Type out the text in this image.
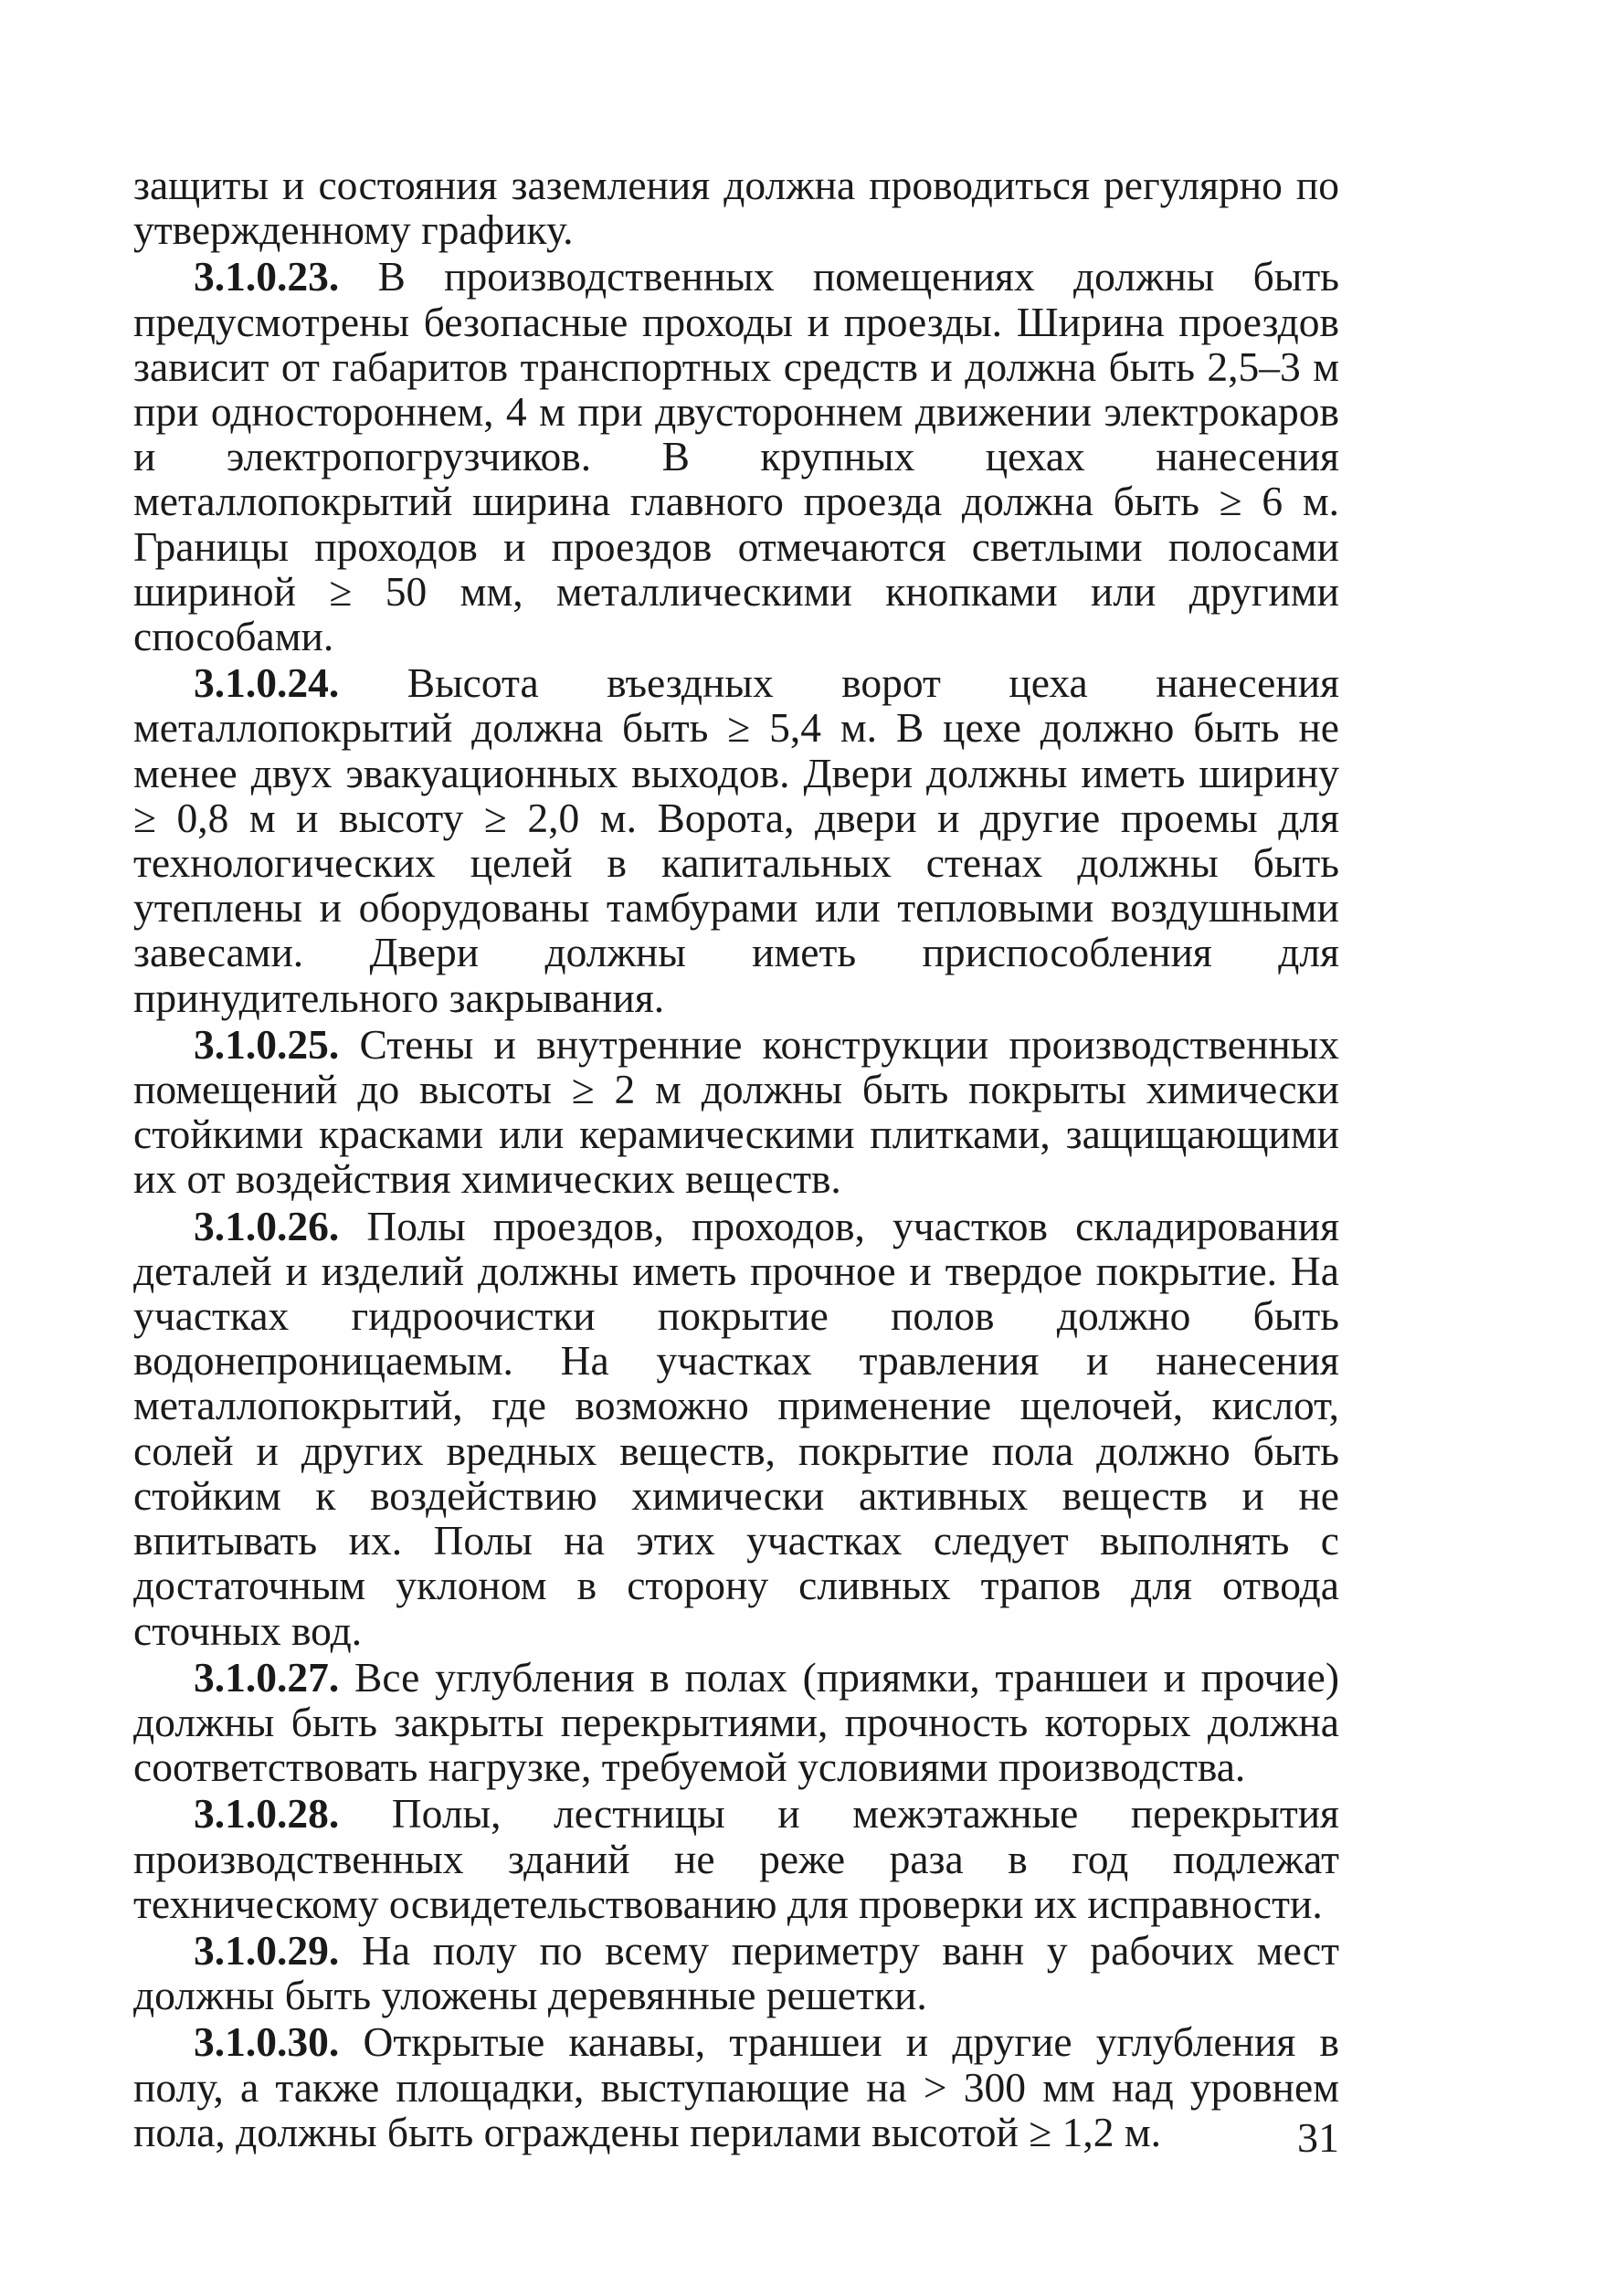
защиты и состояния заземления должна проводиться регулярно по утвержденному графику.

3.1.0.23. В производственных помещениях должны быть предусмотрены безопасные проходы и проезды. Ширина проездов зависит от габаритов транспортных средств и должна быть 2,5–3 м при одностороннем, 4 м при двустороннем движении электрокаров и электропогрузчиков. В крупных цехах нанесения металлопокрытий ширина главного проезда должна быть ≥ 6 м. Границы проходов и проездов отмечаются светлыми полосами шириной ≥ 50 мм, металлическими кнопками или другими способами.

3.1.0.24. Высота въездных ворот цеха нанесения металлопокрытий должна быть ≥ 5,4 м. В цехе должно быть не менее двух эвакуационных выходов. Двери должны иметь ширину ≥ 0,8 м и высоту ≥ 2,0 м. Ворота, двери и другие проемы для технологических целей в капитальных стенах должны быть утеплены и оборудованы тамбурами или тепловыми воздушными завесами. Двери должны иметь приспособления для принудительного закрывания.

3.1.0.25. Стены и внутренние конструкции производственных помещений до высоты ≥ 2 м должны быть покрыты химически стойкими красками или керамическими плитками, защищающими их от воздействия химических веществ.

3.1.0.26. Полы проездов, проходов, участков складирования деталей и изделий должны иметь прочное и твердое покрытие. На участках гидроочистки покрытие полов должно быть водонепроницаемым. На участках травления и нанесения металлопокрытий, где возможно применение щелочей, кислот, солей и других вредных веществ, покрытие пола должно быть стойким к воздействию химически активных веществ и не впитывать их. Полы на этих участках следует выполнять с достаточным уклоном в сторону сливных трапов для отвода сточных вод.

3.1.0.27. Все углубления в полах (приямки, траншеи и прочие) должны быть закрыты перекрытиями, прочность которых должна соответствовать нагрузке, требуемой условиями производства.

3.1.0.28. Полы, лестницы и межэтажные перекрытия производственных зданий не реже раза в год подлежат техническому освидетельствованию для проверки их исправности.

3.1.0.29. На полу по всему периметру ванн у рабочих мест должны быть уложены деревянные решетки.

3.1.0.30. Открытые канавы, траншеи и другие углубления в полу, а также площадки, выступающие на > 300 мм над уровнем пола, должны быть ограждены перилами высотой ≥ 1,2 м.	31
